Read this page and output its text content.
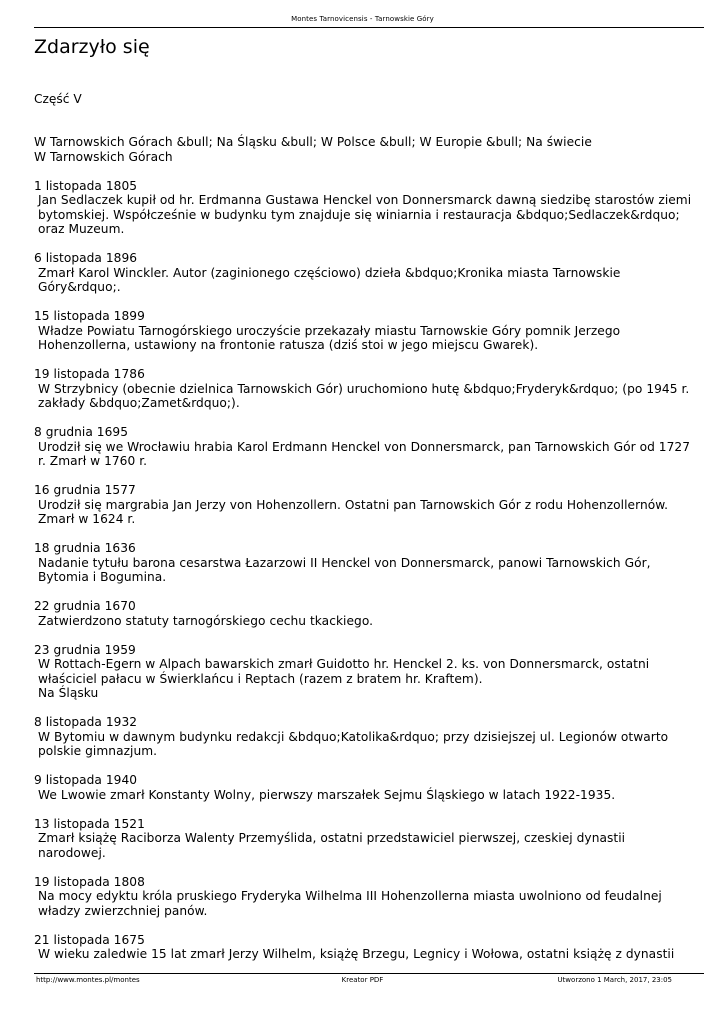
Montes Tarnovicensis - Tarnowskie Góry
Zdarzyło się
Część V
W Tarnowskich Górach &bull; Na Śląsku &bull; W Polsce &bull; W Europie &bull; Na świecie
W Tarnowskich Górach
1 listopada 1805
Jan Sedlaczek kupił od hr. Erdmanna Gustawa Henckel von Donnersmarck dawną siedzibę starostów ziemi bytomskiej. Współcześnie w budynku tym znajduje się winiarnia i restauracja &bdquo;Sedlaczek&rdquo; oraz Muzeum.
6 listopada 1896
Zmarł Karol Winckler. Autor (zaginionego częściowo) dzieła &bdquo;Kronika miasta Tarnowskie Góry&rdquo;.
15 listopada 1899
Władze Powiatu Tarnogórskiego uroczyście przekazały miastu Tarnowskie Góry pomnik Jerzego Hohenzollerna, ustawiony na frontonie ratusza (dziś stoi w jego miejscu Gwarek).
19 listopada 1786
W Strzybnicy (obecnie dzielnica Tarnowskich Gór) uruchomiono hutę &bdquo;Fryderyk&rdquo; (po 1945 r. zakłady &bdquo;Zamet&rdquo;).
8 grudnia 1695
Urodził się we Wrocławiu hrabia Karol Erdmann Henckel von Donnersmarck, pan Tarnowskich Gór od 1727 r. Zmarł w 1760 r.
16 grudnia 1577
Urodził się margrabia Jan Jerzy von Hohenzollern. Ostatni pan Tarnowskich Gór z rodu Hohenzollernów. Zmarł w 1624 r.
18 grudnia 1636
Nadanie tytułu barona cesarstwa Łazarzowi II Henckel von Donnersmarck, panowi Tarnowskich Gór, Bytomia i Bogumina.
22 grudnia 1670
Zatwierdzono statuty tarnogórskiego cechu tkackiego.
23 grudnia 1959
W Rottach-Egern w Alpach bawarskich zmarł Guidotto hr. Henckel 2. ks. von Donnersmarck, ostatni właściciel pałacu w Świerklańcu i Reptach (razem z bratem hr. Kraftem).
Na Śląsku
8 listopada 1932
W Bytomiu w dawnym budynku redakcji &bdquo;Katolika&rdquo; przy dzisiejszej ul. Legionów otwarto polskie gimnazjum.
9 listopada 1940
We Lwowie zmarł Konstanty Wolny, pierwszy marszałek Sejmu Śląskiego w latach 1922-1935.
13 listopada 1521
Zmarł książę Raciborza Walenty Przemyślida, ostatni przedstawiciel pierwszej, czeskiej dynastii narodowej.
19 listopada 1808
Na mocy edyktu króla pruskiego Fryderyka Wilhelma III Hohenzollerna miasta uwolniono od feudalnej władzy zwierzchniej panów.
21 listopada 1675
W wieku zaledwie 15 lat zmarł Jerzy Wilhelm, książę Brzegu, Legnicy i Wołowa, ostatni książę z dynastii
http://www.montes.pl/montes	Kreator PDF	Utworzono 1 March, 2017, 23:05
